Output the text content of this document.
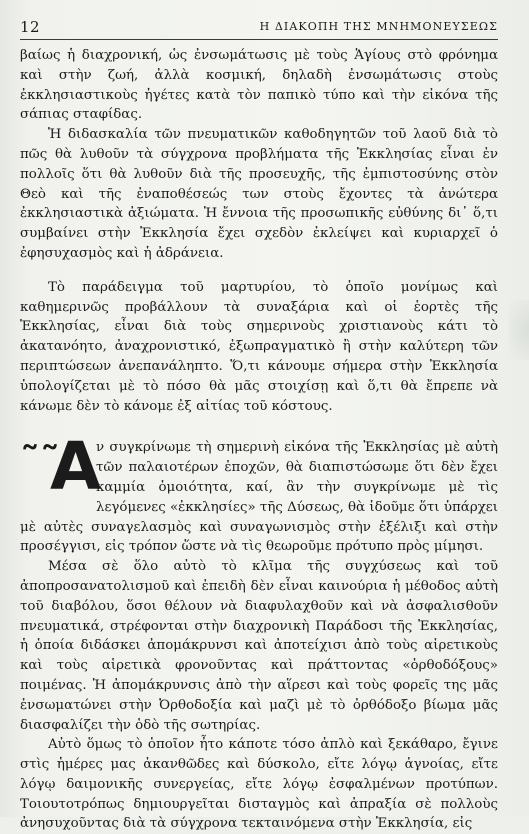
12	Η ΔΙΑΚΟΠΗ ΤΗΣ ΜΝΗΜΟΝΕΥΣΕΩΣ

βαίως ἡ διαχρονική, ὡς ἐνσωμάτωσις μὲ τοὺς Ἁγίους στὸ φρόνημα καὶ στὴν ζωή, ἀλλὰ κοσμική, δηλαδὴ ἐνσωμάτωσις στοὺς ἐκκλησιαστικοὺς ἡγέτες κατὰ τὸν παπικὸ τύπο καὶ τὴν εἰκόνα τῆς σάπιας σταφίδας.

Ἡ διδασκαλία τῶν πνευματικῶν καθοδηγητῶν τοῦ λαοῦ διὰ τὸ πῶς θὰ λυθοῦν τὰ σύγχρονα προβλήματα τῆς Ἐκκλησίας εἶναι ἐν πολλοῖς ὅτι θὰ λυθοῦν διὰ τῆς προσευχῆς, τῆς ἐμπιστοσύνης στὸν Θεὸ καὶ τῆς ἐναποθέσεώς των στοὺς ἔχοντες τὰ ἀνώτερα ἐκκλησιαστικὰ ἀξιώματα. Ἡ ἔννοια τῆς προσωπικῆς εὐθύνης δι᾽ ὅ,τι συμβαίνει στὴν Ἐκκλησία ἔχει σχεδὸν ἐκλείψει καὶ κυριαρχεῖ ὁ ἐφησυχασμὸς καὶ ἡ ἀδράνεια.

Τὸ παράδειγμα τοῦ μαρτυρίου, τὸ ὁποῖο μονίμως καὶ καθημερινῶς προβάλλουν τὰ συναξάρια καὶ οἱ ἑορτὲς τῆς Ἐκκλησίας, εἶναι διὰ τοὺς σημερινοὺς χριστιανοὺς κάτι τὸ ἀκατανόητο, ἀναχρονιστικό, ἐξωπραγματικὸ ἢ στὴν καλύτερη τῶν περιπτώσεων ἀνεπανάληπτο. Ὅ,τι κάνουμε σήμερα στὴν Ἐκκλησία ὑπολογίζεται μὲ τὸ πόσο θὰ μᾶς στοιχίσῃ καὶ ὅ,τι θὰ ἔπρεπε νὰ κάνωμε δὲν τὸ κάνομε ἐξ αἰτίας τοῦ κόστους.

˜˜
Α

ν συγκρίνωμε τὴ σημερινὴ εἰκόνα τῆς Ἐκκλησίας μὲ αὐτὴ τῶν παλαιοτέρων ἐποχῶν, θὰ διαπιστώσωμε ὅτι δὲν ἔχει καμμία ὁμοιότητα, καί, ἂν τὴν συγκρίνωμε μὲ τὶς λεγόμενες «ἐκκλησίες» τῆς Δύσεως, θὰ ἰδοῦμε ὅτι ὑπάρχει μὲ αὐτὲς συναγελασμὸς καὶ συναγωνισμὸς στὴν ἐξέλιξι καὶ στὴν προσέγγισι, εἰς τρόπον ὥστε νὰ τὶς θεωροῦμε πρότυπο πρὸς μίμησι.

Μέσα σὲ ὅλο αὐτὸ τὸ κλῖμα τῆς συγχύσεως καὶ τοῦ ἀποπροσανατολισμοῦ καὶ ἐπειδὴ δὲν εἶναι καινούρια ἡ μέθοδος αὐτὴ τοῦ διαβόλου, ὅσοι θέλουν νὰ διαφυλαχθοῦν καὶ νὰ ἀσφαλισθοῦν πνευματικά, στρέφονται στὴν διαχρονικὴ Παράδοσι τῆς Ἐκκλησίας, ἡ ὁποία διδάσκει ἀπομάκρυνσι καὶ ἀποτείχισι ἀπὸ τοὺς αἱρετικοὺς καὶ τοὺς αἱρετικὰ φρονοῦντας καὶ πράττοντας «ὀρθοδόξους» ποιμένας. Ἡ ἀπομάκρυνσις ἀπὸ τὴν αἵρεσι καὶ τοὺς φορεῖς της μᾶς ἐνσωματώνει στὴν Ὀρθοδοξία καὶ μαζὶ μὲ τὸ ὀρθόδοξο βίωμα μᾶς διασφαλίζει τὴν ὁδὸ τῆς σωτηρίας.

Αὐτὸ ὅμως τὸ ὁποῖον ἦτο κάποτε τόσο ἁπλὸ καὶ ξεκάθαρο, ἔγινε στὶς ἡμέρες μας ἀκανθῶδες καὶ δύσκολο, εἴτε λόγῳ ἀγνοίας, εἴτε λόγῳ δαιμονικῆς συνεργείας, εἴτε λόγῳ ἐσφαλμένων προτύπων. Τοιουτοτρόπως δημιουργεῖται δισταγμὸς καὶ ἀπραξία σὲ πολλοὺς ἀνησυχοῦντας διὰ τὰ σύγχρονα τεκταινόμενα στὴν Ἐκκλησία, εἰς
